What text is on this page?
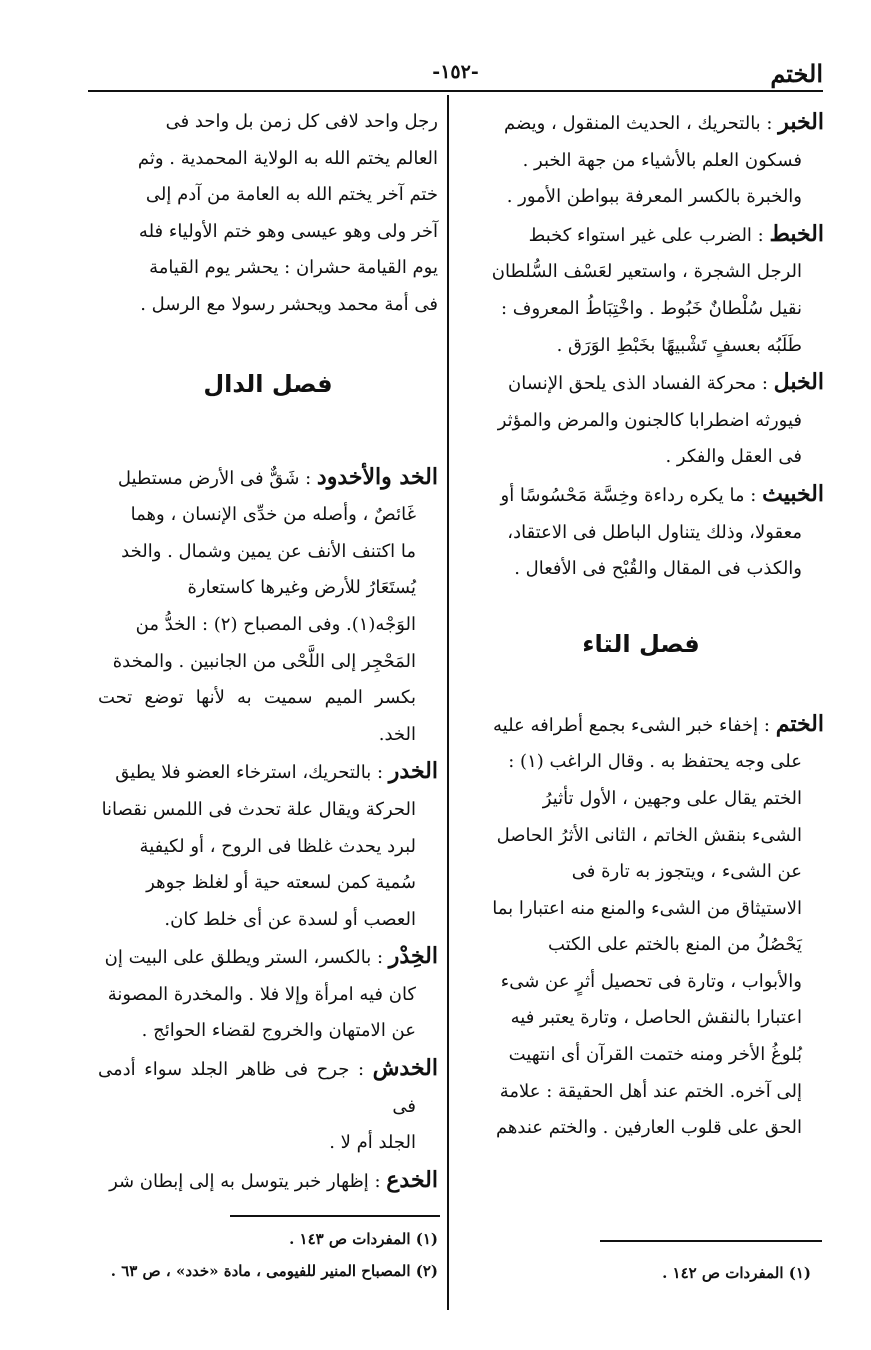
الختم
-١٥٢-

الخبر : بالتحريك ، الحديث المنقول ، ويضم
فسكون العلم بالأشياء من جهة الخبر .
والخبرة بالكسر المعرفة ببواطن الأمور .

الخبط : الضرب على غير استواء كخبط
الرجل الشجرة ، واستعير لعَسْف السُّلطان
نقيل سُلْطانٌ خَبُوط . واخْتِبَاطُ المعروف :
طَلَبُه بعسفٍ تَشْبيهًا بخَبْطِ الوَرَق .

الخبل : محركة الفساد الذى يلحق الإنسان
فيورثه اضطرابا كالجنون والمرض والمؤثر
فى العقل والفكر .

الخبيث : ما يكره رداءة وخِسَّة مَحْسُوسًا أو
معقولا، وذلك يتناول الباطل فى الاعتقاد،
والكذب فى المقال والقُبْح فى الأفعال .

فصل التاء

الختم : إخفاء خبر الشىء بجمع أطرافه عليه
على وجه يحتفظ به . وقال الراغب (١) :
الختم يقال على وجهين ، الأول تأثيرُ
الشىء بنقش الخاتم ، الثانى الأثرُ الحاصل
عن الشىء ، ويتجوز به تارة فى
الاستيثاق من الشىء والمنع منه اعتبارا بما
يَحْصُلُ من المنع بالختم على الكتب
والأبواب ، وتارة فى تحصيل أثرٍ عن شىء
اعتبارا بالنقش الحاصل ، وتارة يعتبر فيه
بُلوغُ الأخر ومنه ختمت القرآن أى انتهيت
إلى آخره. الختم عند أهل الحقيقة : علامة
الحق على قلوب العارفين . والختم عندهم

(١) المفردات ص ١٤٢ .

رجل واحد لافى كل زمن بل واحد فى
العالم يختم الله به الولاية المحمدية . وثم
ختم آخر يختم الله به العامة من آدم إلى
آخر ولى وهو عيسى وهو ختم الأولياء فله
يوم القيامة حشران : يحشر يوم القيامة
فى أمة محمد ويحشر رسولا مع الرسل .

فصل الدال

الخد والأخدود : شَقٌّ فى الأرض مستطيل
غَائصٌ ، وأصله من خدِّى الإنسان ، وهما
ما اكتنف الأنف عن يمين وشمال . والخد
يُستَعَارُ للأرض وغيرها كاستعارة
الوَجْه(١). وفى المصباح (٢) : الخدُّ من
المَحْجِر إلى اللَّحْى من الجانبين . والمخدة
بكسر الميم سميت به لأنها توضع تحت الخد.

الخدر : بالتحريك، استرخاء العضو فلا يطيق
الحركة ويقال علة تحدث فى اللمس نقصانا
لبرد يحدث غلظا فى الروح ، أو لكيفية
سُمية كمن لسعته حية أو لغلظ جوهر
العصب أو لسدة عن أى خلط كان.

الخِدْر : بالكسر، الستر ويطلق على البيت إن
كان فيه امرأة وإلا فلا . والمخدرة المصونة
عن الامتهان والخروج لقضاء الحوائج .

الخدش : جرح فى ظاهر الجلد سواء أدمى فى
الجلد أم لا .

الخدع : إظهار خبر يتوسل به إلى إبطان شر

(١) المفردات ص ١٤٣ .
(٢) المصباح المنير للفيومى ، مادة «خدد» ، ص ٦٣ .
